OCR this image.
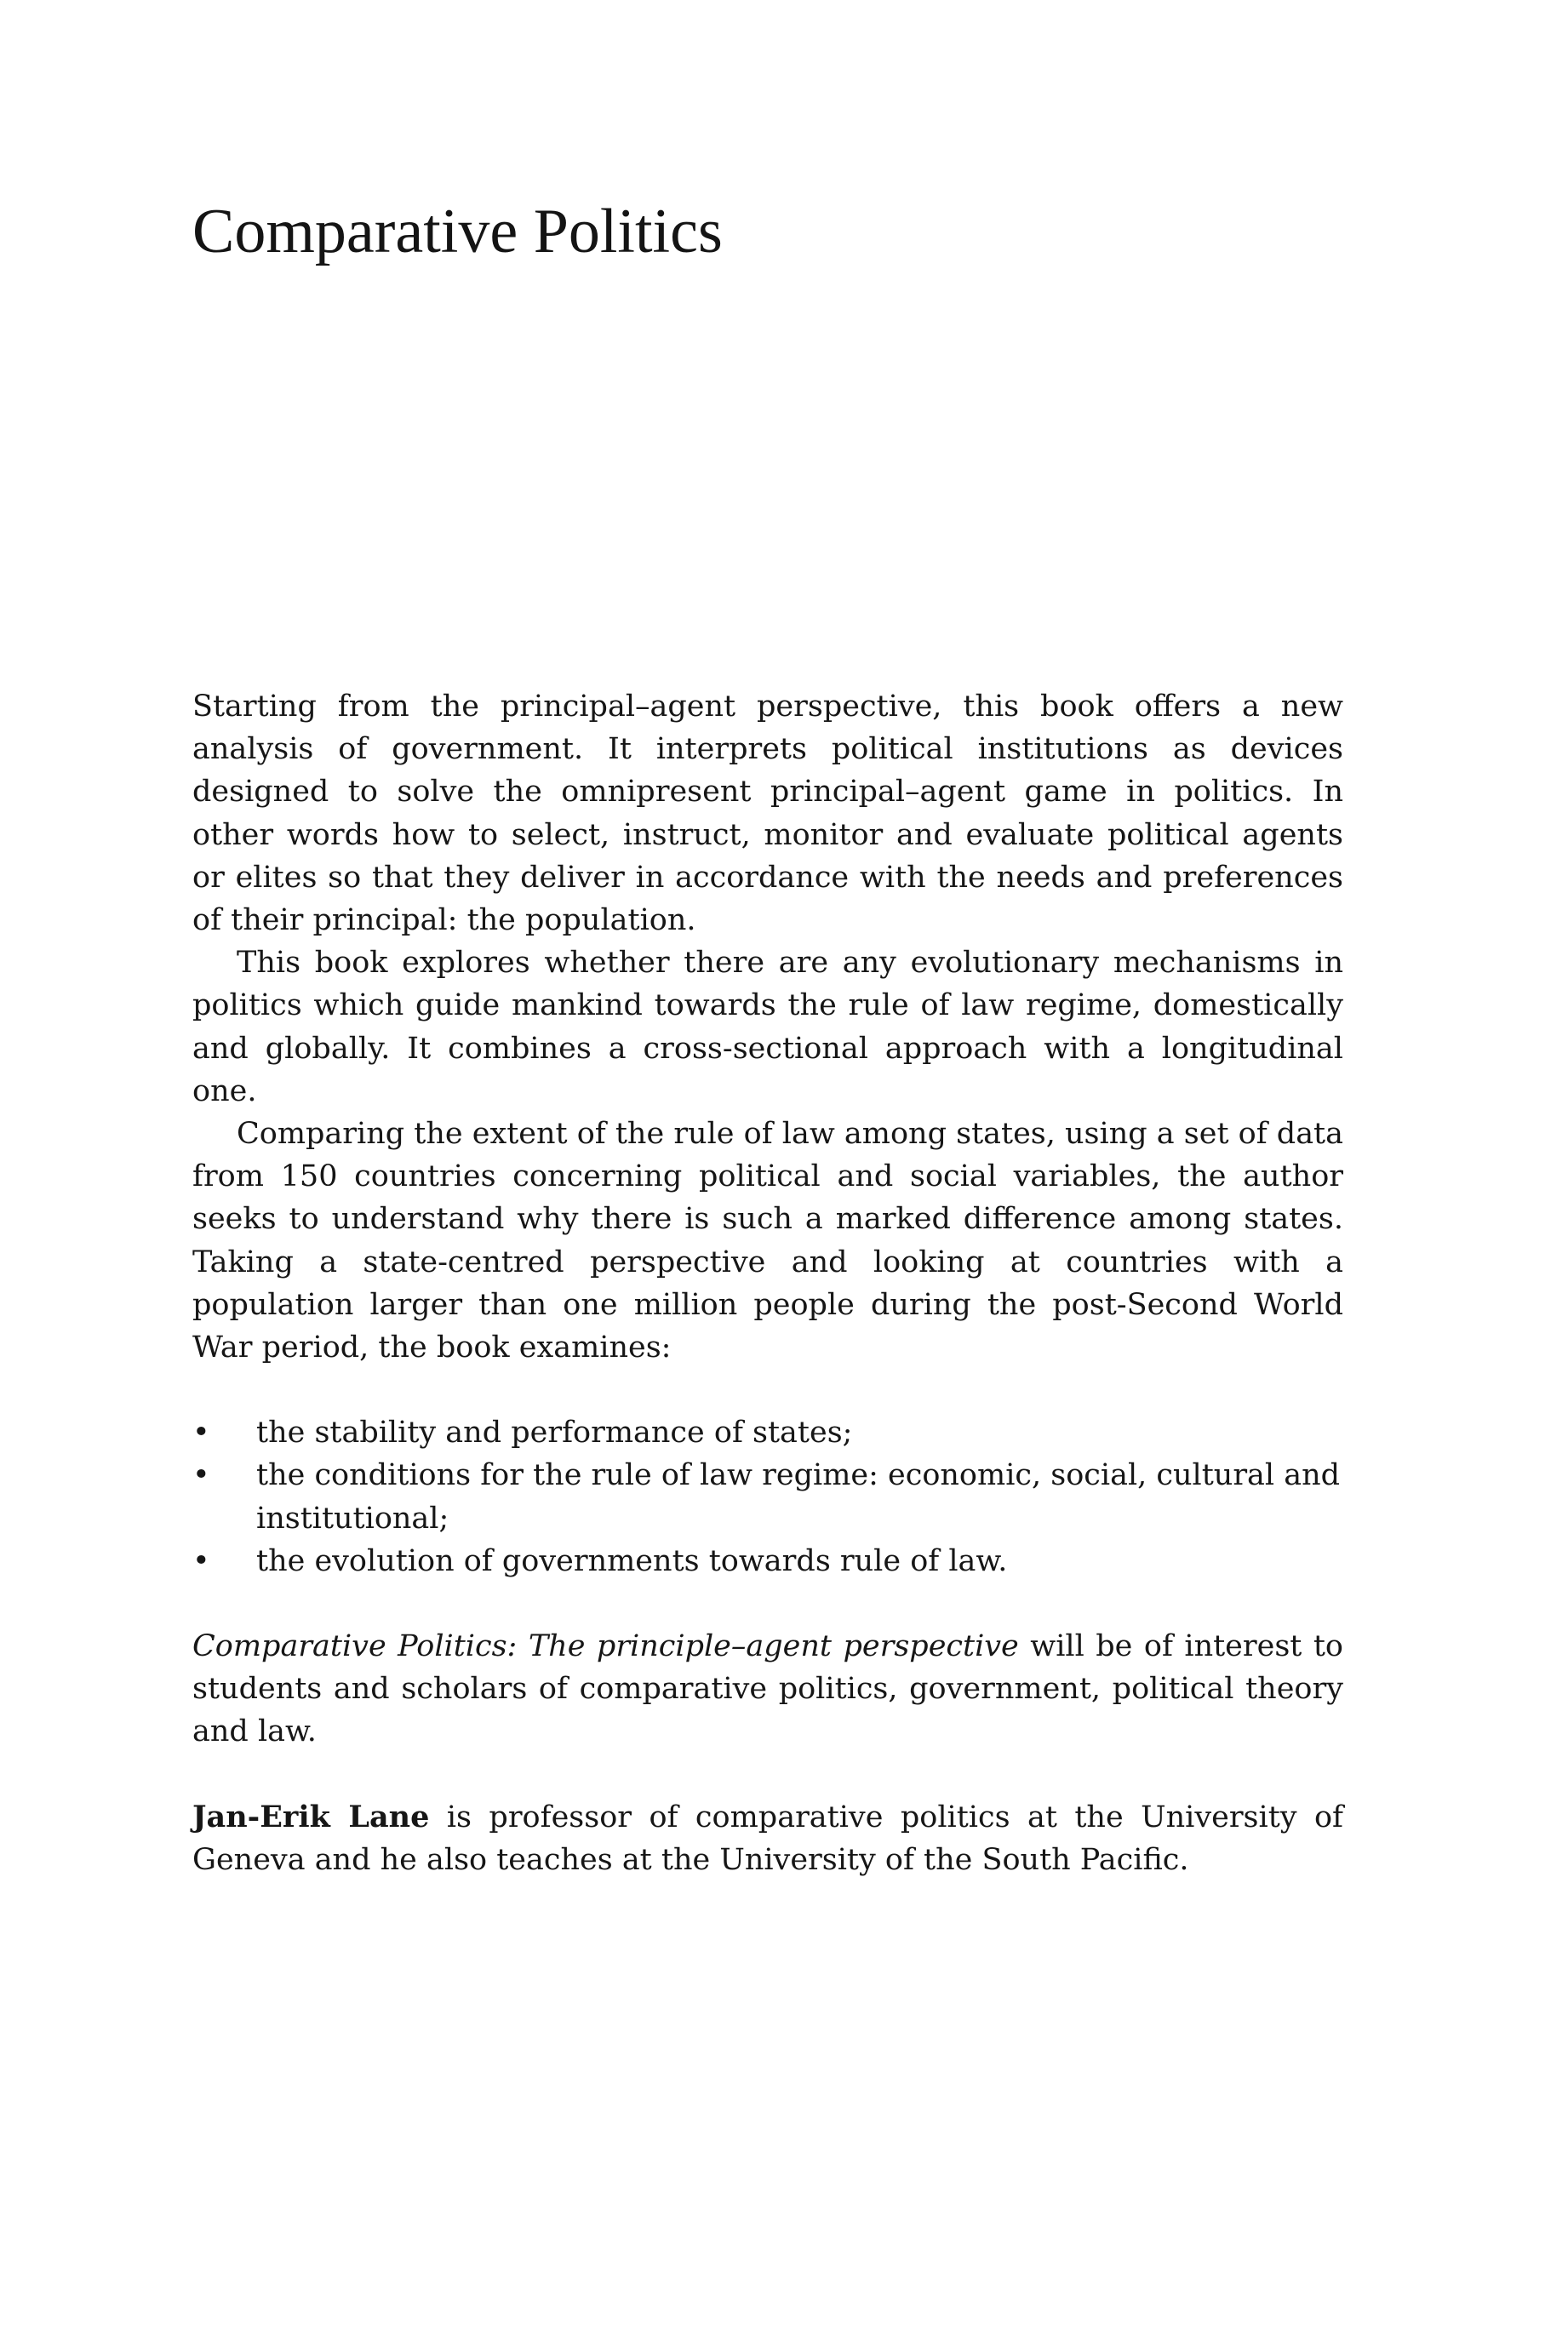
Comparative Politics

Starting from the principal–agent perspective, this book offers a new analysis of government. It interprets political institutions as devices designed to solve the omnipresent principal–agent game in politics. In other words how to select, instruct, monitor and evaluate political agents or elites so that they deliver in accordance with the needs and preferences of their principal: the population.

This book explores whether there are any evolutionary mechanisms in politics which guide mankind towards the rule of law regime, domestically and globally. It combines a cross-sectional approach with a longitudinal one.

Comparing the extent of the rule of law among states, using a set of data from 150 countries concerning political and social variables, the author seeks to understand why there is such a marked difference among states. Taking a state-centred perspective and looking at countries with a population larger than one million people during the post-Second World War period, the book examines:

• the stability and performance of states;
• the conditions for the rule of law regime: economic, social, cultural and institutional;
• the evolution of governments towards rule of law.

Comparative Politics: The principle–agent perspective will be of interest to students and scholars of comparative politics, government, political theory and law.

Jan-Erik Lane is professor of comparative politics at the University of Geneva and he also teaches at the University of the South Pacific.
